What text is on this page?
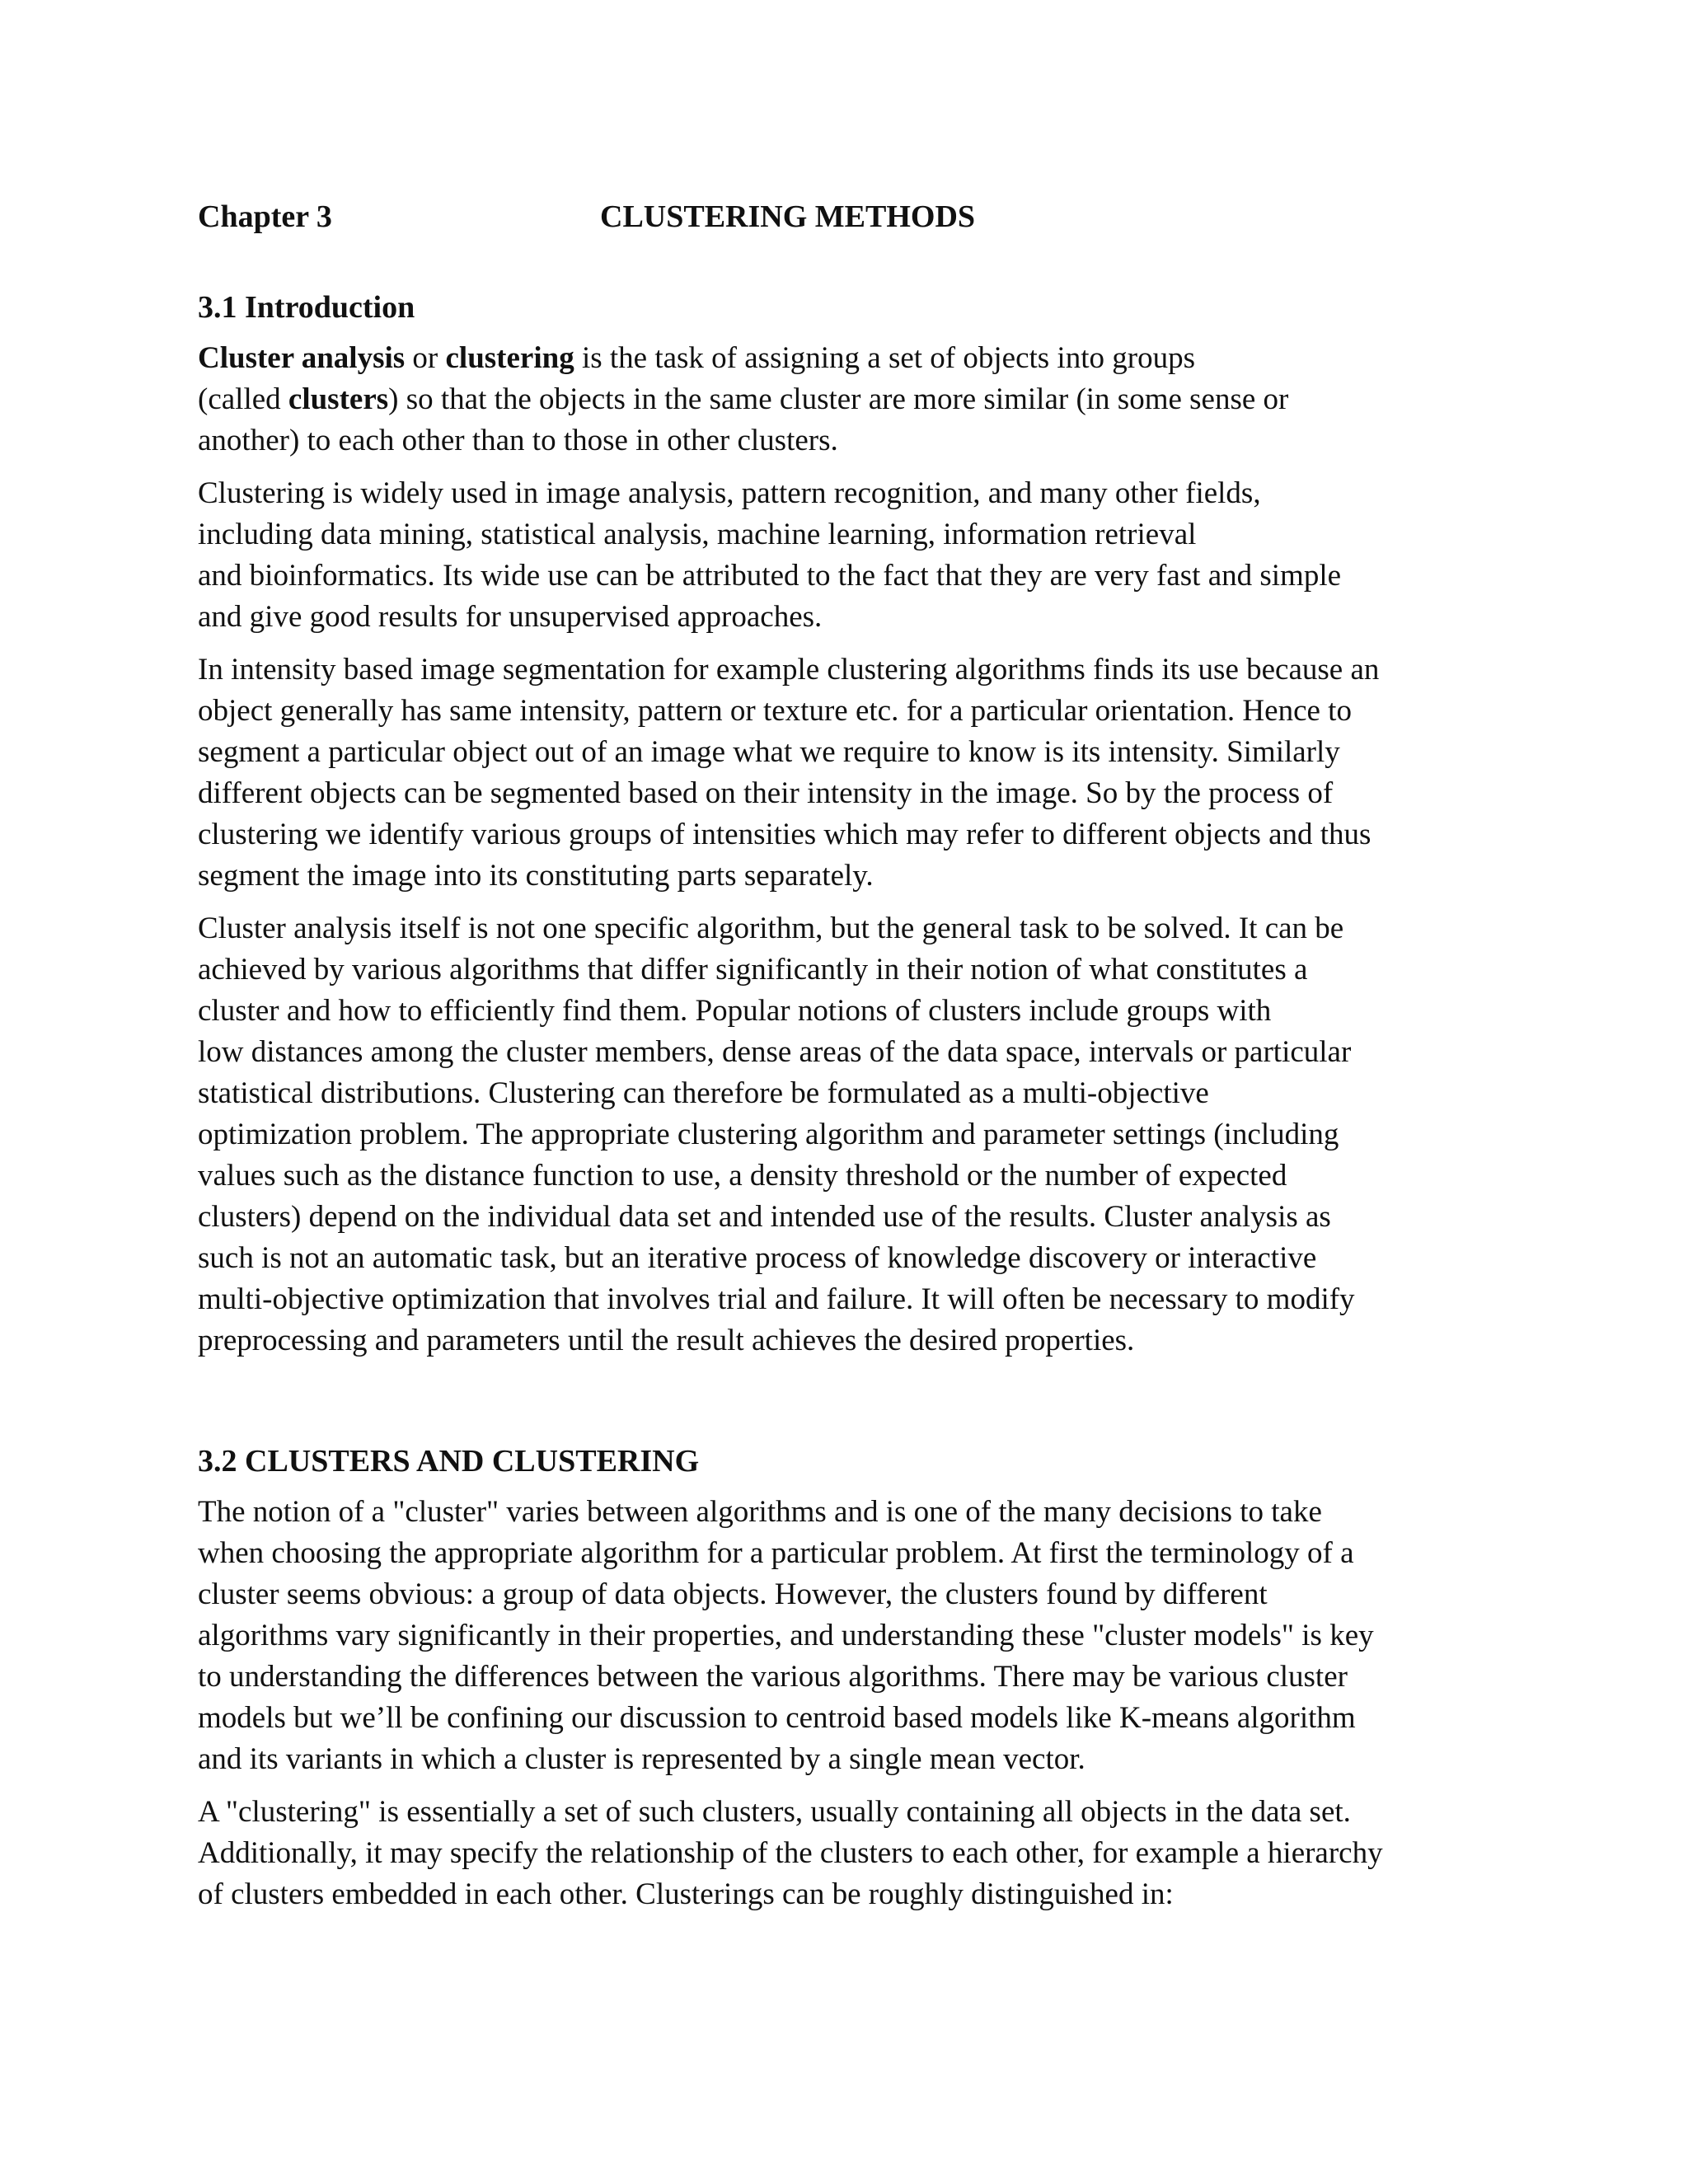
Chapter 3	CLUSTERING METHODS
3.1 Introduction

Cluster analysis or clustering is the task of assigning a set of objects into groups
(called clusters) so that the objects in the same cluster are more similar (in some sense or
another) to each other than to those in other clusters.

Clustering is widely used in image analysis, pattern recognition, and many other fields,
including data mining, statistical analysis, machine learning, information retrieval
and bioinformatics. Its wide use can be attributed to the fact that they are very fast and simple
and give good results for unsupervised approaches.

In intensity based image segmentation for example clustering algorithms finds its use because an
object generally has same intensity, pattern or texture etc. for a particular orientation. Hence to
segment a particular object out of an image what we require to know is its intensity. Similarly
different objects can be segmented based on their intensity in the image. So by the process of
clustering we identify various groups of intensities which may refer to different objects and thus
segment the image into its constituting parts separately.

Cluster analysis itself is not one specific algorithm, but the general task to be solved. It can be
achieved by various algorithms that differ significantly in their notion of what constitutes a
cluster and how to efficiently find them. Popular notions of clusters include groups with
low distances among the cluster members, dense areas of the data space, intervals or particular
statistical distributions. Clustering can therefore be formulated as a multi-objective
optimization problem. The appropriate clustering algorithm and parameter settings (including
values such as the distance function to use, a density threshold or the number of expected
clusters) depend on the individual data set and intended use of the results. Cluster analysis as
such is not an automatic task, but an iterative process of knowledge discovery or interactive
multi-objective optimization that involves trial and failure. It will often be necessary to modify
preprocessing and parameters until the result achieves the desired properties.

3.2 CLUSTERS AND CLUSTERING

The notion of a "cluster" varies between algorithms and is one of the many decisions to take
when choosing the appropriate algorithm for a particular problem. At first the terminology of a
cluster seems obvious: a group of data objects. However, the clusters found by different
algorithms vary significantly in their properties, and understanding these "cluster models" is key
to understanding the differences between the various algorithms. There may be various cluster
models but we’ll be confining our discussion to centroid based models like K-means algorithm
and its variants in which a cluster is represented by a single mean vector.

A "clustering" is essentially a set of such clusters, usually containing all objects in the data set.
Additionally, it may specify the relationship of the clusters to each other, for example a hierarchy
of clusters embedded in each other. Clusterings can be roughly distinguished in:
